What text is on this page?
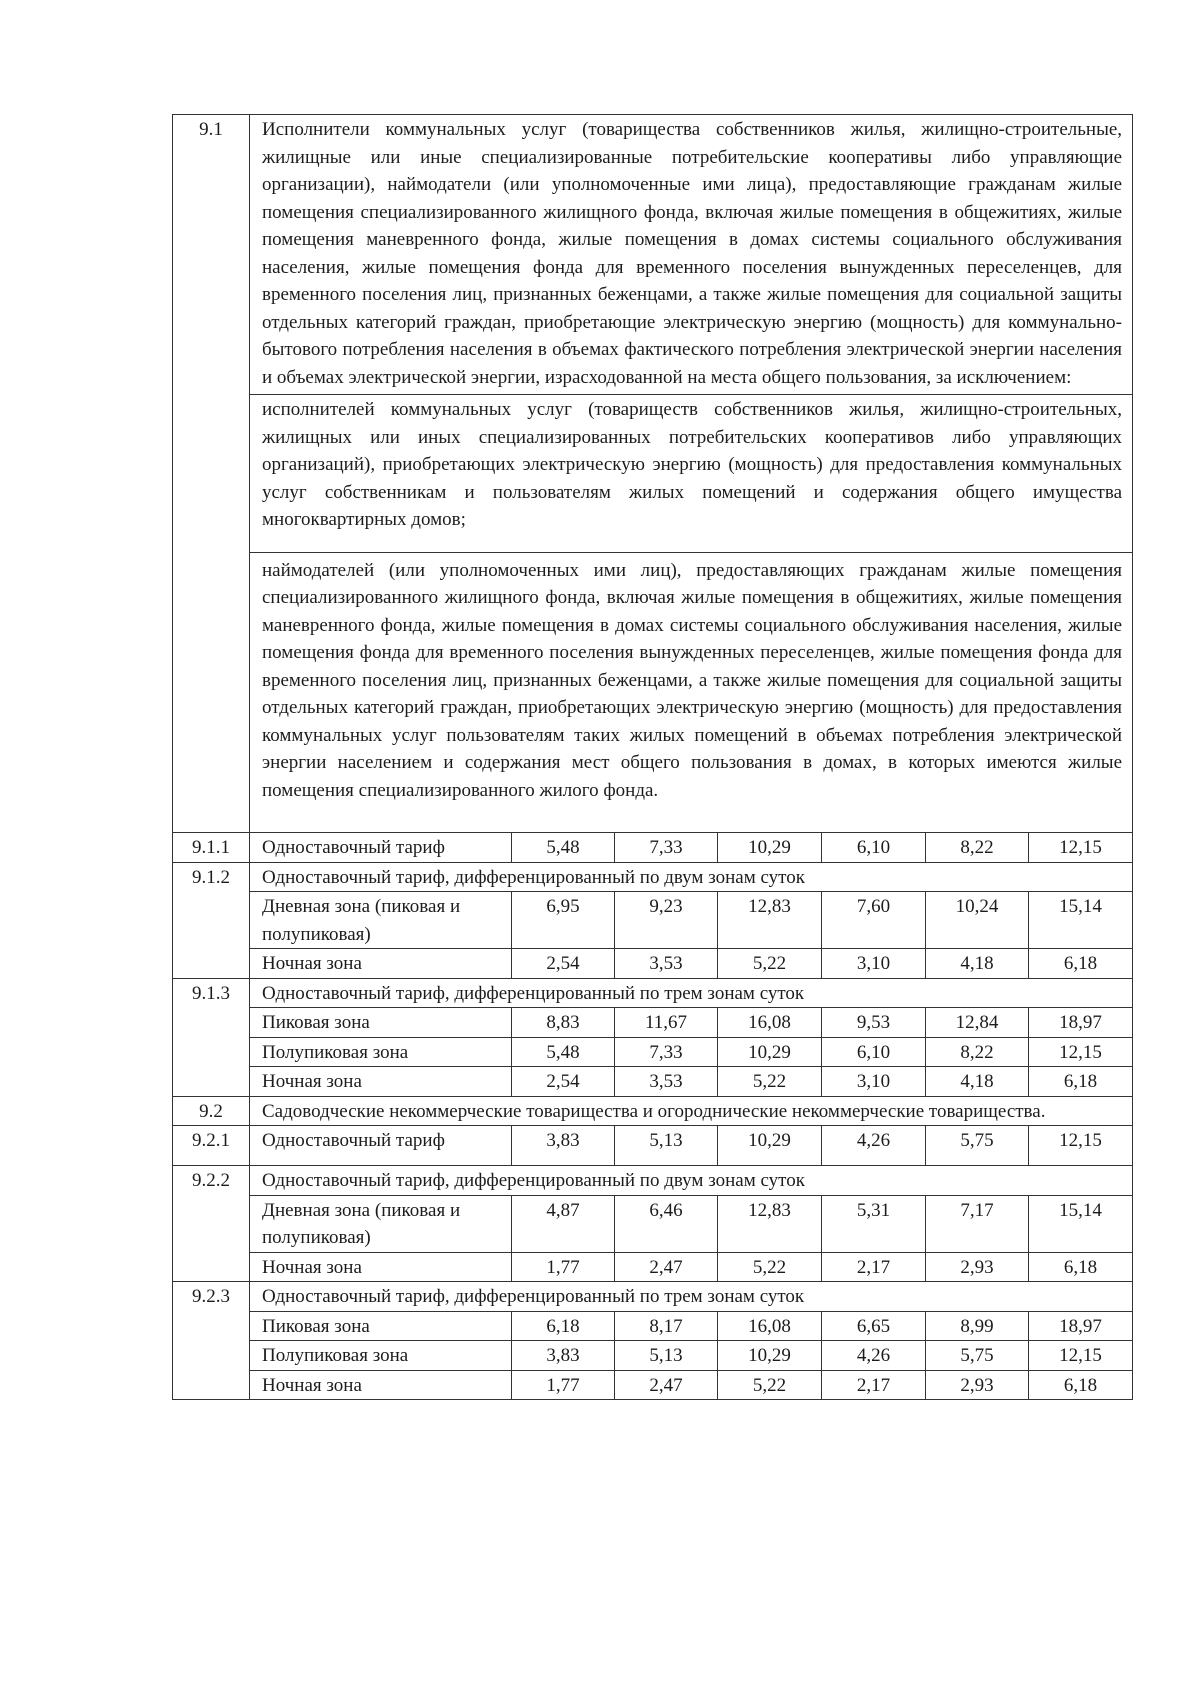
9.1	Исполнители коммунальных услуг (товарищества собственников жилья, жилищно-строительные, жилищные или иные специализированные потребительские кооперативы либо управляющие организации), наймодатели (или уполномоченные ими лица), предоставляющие гражданам жилые помещения специализированного жилищного фонда, включая жилые помещения в общежитиях, жилые помещения маневренного фонда, жилые помещения в домах системы социального обслуживания населения, жилые помещения фонда для временного поселения вынужденных переселенцев, для временного поселения лиц, признанных беженцами, а также жилые помещения для социальной защиты отдельных категорий граждан, приобретающие электрическую энергию (мощность) для коммунально-бытового потребления населения в объемах фактического потребления электрической энергии населения и объемах электрической энергии, израсходованной на места общего пользования, за исключением:						

	исполнителей коммунальных услуг (товариществ собственников жилья, жилищно-строительных, жилищных или иных специализированных потребительских кооперативов либо управляющих организаций), приобретающих электрическую энергию (мощность) для предоставления коммунальных услуг собственникам и пользователям жилых помещений и содержания общего имущества многоквартирных домов;						

	наймодателей (или уполномоченных ими лиц), предоставляющих гражданам жилые помещения специализированного жилищного фонда, включая жилые помещения в общежитиях, жилые помещения маневренного фонда, жилые помещения в домах системы социального обслуживания населения, жилые помещения фонда для временного поселения вынужденных переселенцев, жилые помещения фонда для временного поселения лиц, признанных беженцами, а также жилые помещения для социальной защиты отдельных категорий граждан, приобретающих электрическую энергию (мощность) для предоставления коммунальных услуг пользователям таких жилых помещений в объемах потребления электрической энергии населением и содержания мест общего пользования в домах, в которых имеются жилые помещения специализированного жилого фонда.						

9.1.1	Одноставочный тариф	5,48	7,33	10,29	6,10	8,22	12,15
9.1.2	Одноставочный тариф, дифференцированный по двум зонам суток						
	Дневная зона (пиковая и полупиковая)	6,95	9,23	12,83	7,60	10,24	15,14
	Ночная зона	2,54	3,53	5,22	3,10	4,18	6,18
9.1.3	Одноставочный тариф, дифференцированный по трем зонам суток						
	Пиковая зона	8,83	11,67	16,08	9,53	12,84	18,97
	Полупиковая зона	5,48	7,33	10,29	6,10	8,22	12,15
	Ночная зона	2,54	3,53	5,22	3,10	4,18	6,18
9.2	Садоводческие некоммерческие товарищества и огороднические некоммерческие товарищества.						
9.2.1	Одноставочный тариф	3,83	5,13	10,29	4,26	5,75	12,15
9.2.2	Одноставочный тариф, дифференцированный по двум зонам суток						
	Дневная зона (пиковая и полупиковая)	4,87	6,46	12,83	5,31	7,17	15,14
	Ночная зона	1,77	2,47	5,22	2,17	2,93	6,18
9.2.3	Одноставочный тариф, дифференцированный по трем зонам суток						
	Пиковая зона	6,18	8,17	16,08	6,65	8,99	18,97
	Полупиковая зона	3,83	5,13	10,29	4,26	5,75	12,15
	Ночная зона	1,77	2,47	5,22	2,17	2,93	6,18
